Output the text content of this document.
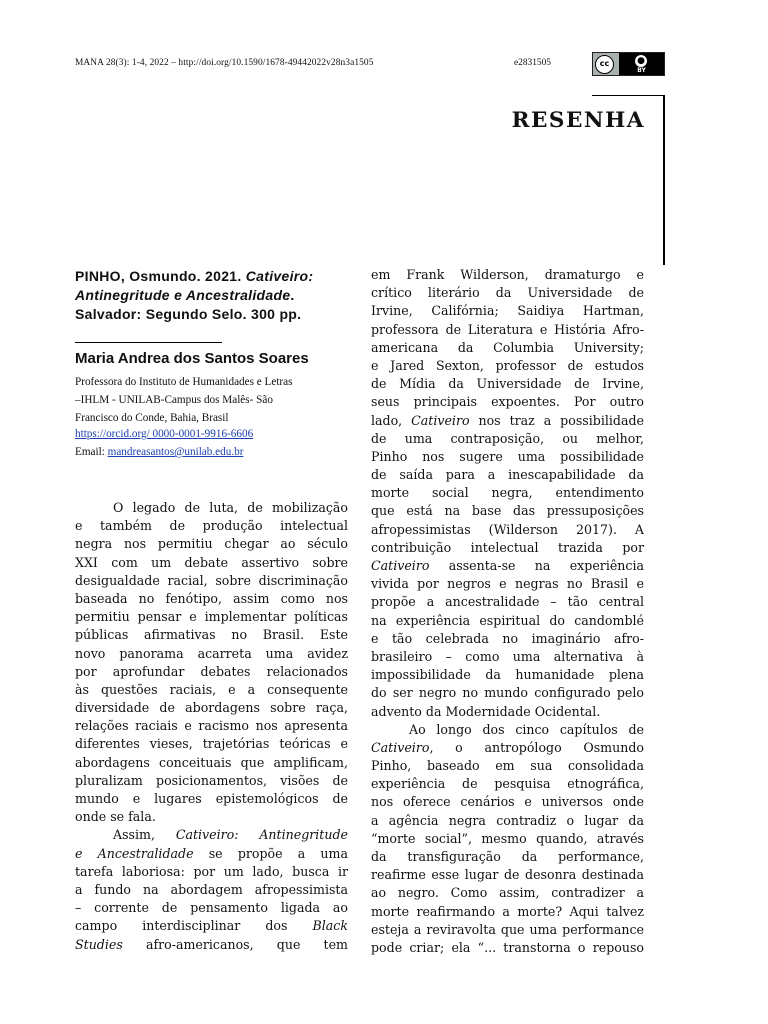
MANA 28(3): 1-4, 2022 – http://doi.org/10.1590/1678-49442022v28n3a1505	e2831505	cc	●
BY
RESENHA
PINHO, Osmundo. 2021. Cativeiro:
Antinegritude e Ancestralidade.
Salvador: Segundo Selo. 300 pp.
Maria Andrea dos Santos Soares
Professora do Instituto de Humanidades e Letras
–IHLM - UNILAB-Campus dos Malês- São
Francisco do Conde, Bahia, Brasil
https://orcid.org/ 0000-0001-9916-6606
Email: mandreasantos@unilab.edu.br
O legado de luta, de mobilização
e também de produção intelectual
negra nos permitiu chegar ao século
XXI com um debate assertivo sobre
desigualdade racial, sobre discriminação
baseada no fenótipo, assim como nos
permitiu pensar e implementar políticas
públicas afirmativas no Brasil. Este
novo panorama acarreta uma avidez
por aprofundar debates relacionados
às questões raciais, e a consequente
diversidade de abordagens sobre raça,
relações raciais e racismo nos apresenta
diferentes vieses, trajetórias teóricas e
abordagens conceituais que amplificam,
pluralizam posicionamentos, visões de
mundo e lugares epistemológicos de
onde se fala.
Assim, Cativeiro: Antinegritude
e Ancestralidade se propõe a uma
tarefa laboriosa: por um lado, busca ir
a fundo na abordagem afropessimista
– corrente de pensamento ligada ao
campo interdisciplinar dos Black
Studies afro-americanos, que tem
em Frank Wilderson, dramaturgo e
crítico literário da Universidade de
Irvine, Califórnia; Saidiya Hartman,
professora de Literatura e História Afro-
americana da Columbia University;
e Jared Sexton, professor de estudos
de Mídia da Universidade de Irvine,
seus principais expoentes. Por outro
lado, Cativeiro nos traz a possibilidade
de uma contraposição, ou melhor,
Pinho nos sugere uma possibilidade
de saída para a inescapabilidade da
morte social negra, entendimento
que está na base das pressuposições
afropessimistas (Wilderson 2017). A
contribuição intelectual trazida por
Cativeiro assenta-se na experiência
vivida por negros e negras no Brasil e
propõe a ancestralidade – tão central
na experiência espiritual do candomblé
e tão celebrada no imaginário afro-
brasileiro – como uma alternativa à
impossibilidade da humanidade plena
do ser negro no mundo configurado pelo
advento da Modernidade Ocidental.
Ao longo dos cinco capítulos de
Cativeiro, o antropólogo Osmundo
Pinho, baseado em sua consolidada
experiência de pesquisa etnográfica,
nos oferece cenários e universos onde
a agência negra contradiz o lugar da
“morte social”, mesmo quando, através
da transfiguração da performance,
reafirme esse lugar de desonra destinada
ao negro. Como assim, contradizer a
morte reafirmando a morte? Aqui talvez
esteja a reviravolta que uma performance
pode criar; ela “... transtorna o repouso
